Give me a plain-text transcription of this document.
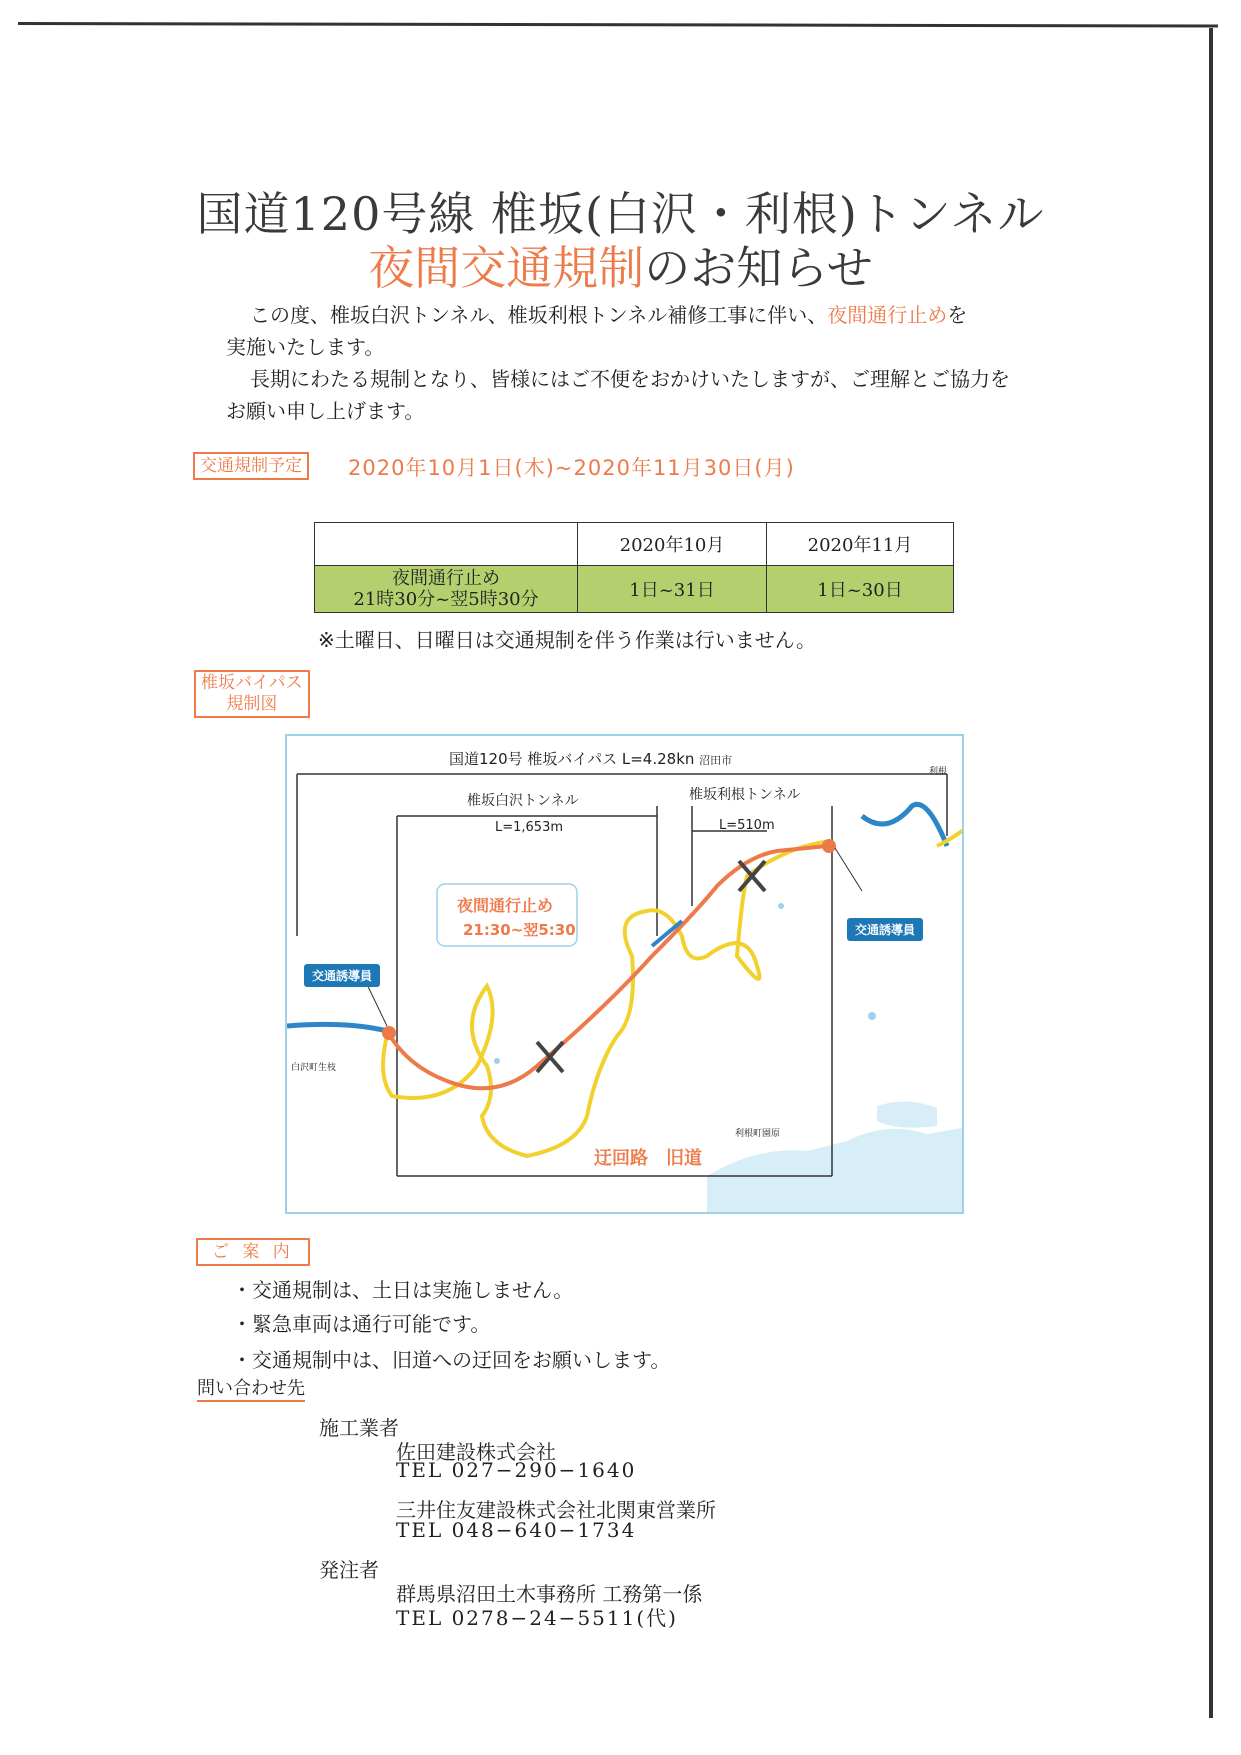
国道120号線 椎坂(白沢・利根)トンネル
夜間交通規制のお知らせ
この度、椎坂白沢トンネル、椎坂利根トンネル補修工事に伴い、夜間通行止めを
実施いたします。
長期にわたる規制となり、皆様にはご不便をおかけいたしますが、ご理解とご協力を
お願い申し上げます。
交通規制予定	2020年10月1日(木)~2020年11月30日(月)
	2020年10月	2020年11月

夜間通行止め
21時30分~翌5時30分	1日~31日	1日~30日
※土曜日、日曜日は交通規制を伴う作業は行いません。
椎坂バイパス
規制図
国道120号 椎坂バイパス L=4.28kn 沼田市
利根
椎坂白沢トンネル
L=1,653m
椎坂利根トンネル
L=510m
夜間通行止め
21:30~翌5:30
交通誘導員
交通誘導員
白沢町生枝
利根町園原
迂回路　旧道
ご 案 内
・交通規制は、土日は実施しません。
・緊急車両は通行可能です。
・交通規制中は、旧道への迂回をお願いします。
問い合わせ先
施工業者
佐田建設株式会社
TEL 027−290−1640
三井住友建設株式会社北関東営業所
TEL 048−640−1734
発注者
群馬県沼田土木事務所 工務第一係
TEL 0278−24−5511(代)
